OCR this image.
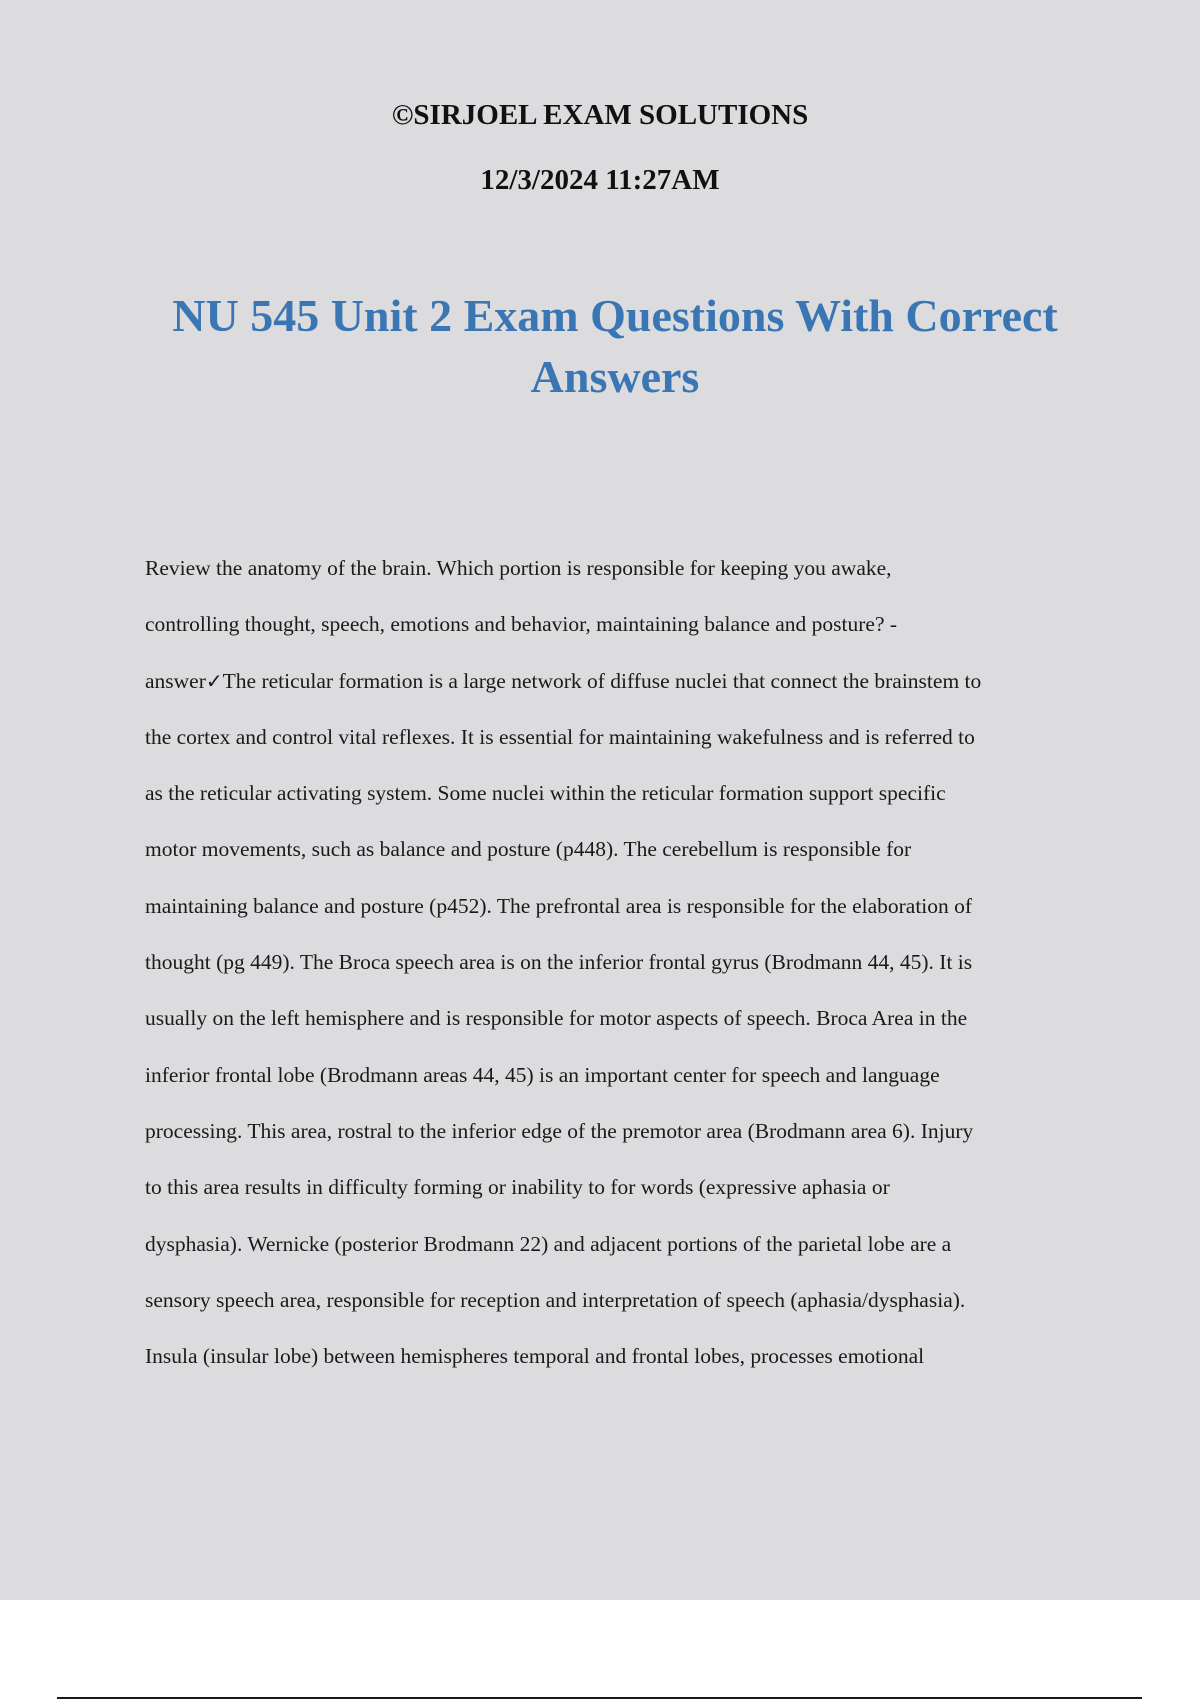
©SIRJOEL EXAM SOLUTIONS

12/3/2024 11:27AM

NU 545 Unit 2 Exam Questions With Correct Answers
Review the anatomy of the brain. Which portion is responsible for keeping you awake,
controlling thought, speech, emotions and behavior, maintaining balance and posture? -
answer✓The reticular formation is a large network of diffuse nuclei that connect the brainstem to
the cortex and control vital reflexes. It is essential for maintaining wakefulness and is referred to
as the reticular activating system. Some nuclei within the reticular formation support specific
motor movements, such as balance and posture (p448). The cerebellum is responsible for
maintaining balance and posture (p452). The prefrontal area is responsible for the elaboration of
thought (pg 449). The Broca speech area is on the inferior frontal gyrus (Brodmann 44, 45). It is
usually on the left hemisphere and is responsible for motor aspects of speech. Broca Area in the
inferior frontal lobe (Brodmann areas 44, 45) is an important center for speech and language
processing. This area, rostral to the inferior edge of the premotor area (Brodmann area 6). Injury
to this area results in difficulty forming or inability to for words (expressive aphasia or
dysphasia). Wernicke (posterior Brodmann 22) and adjacent portions of the parietal lobe are a
sensory speech area, responsible for reception and interpretation of speech (aphasia/dysphasia).
Insula (insular lobe) between hemispheres temporal and frontal lobes, processes emotional
